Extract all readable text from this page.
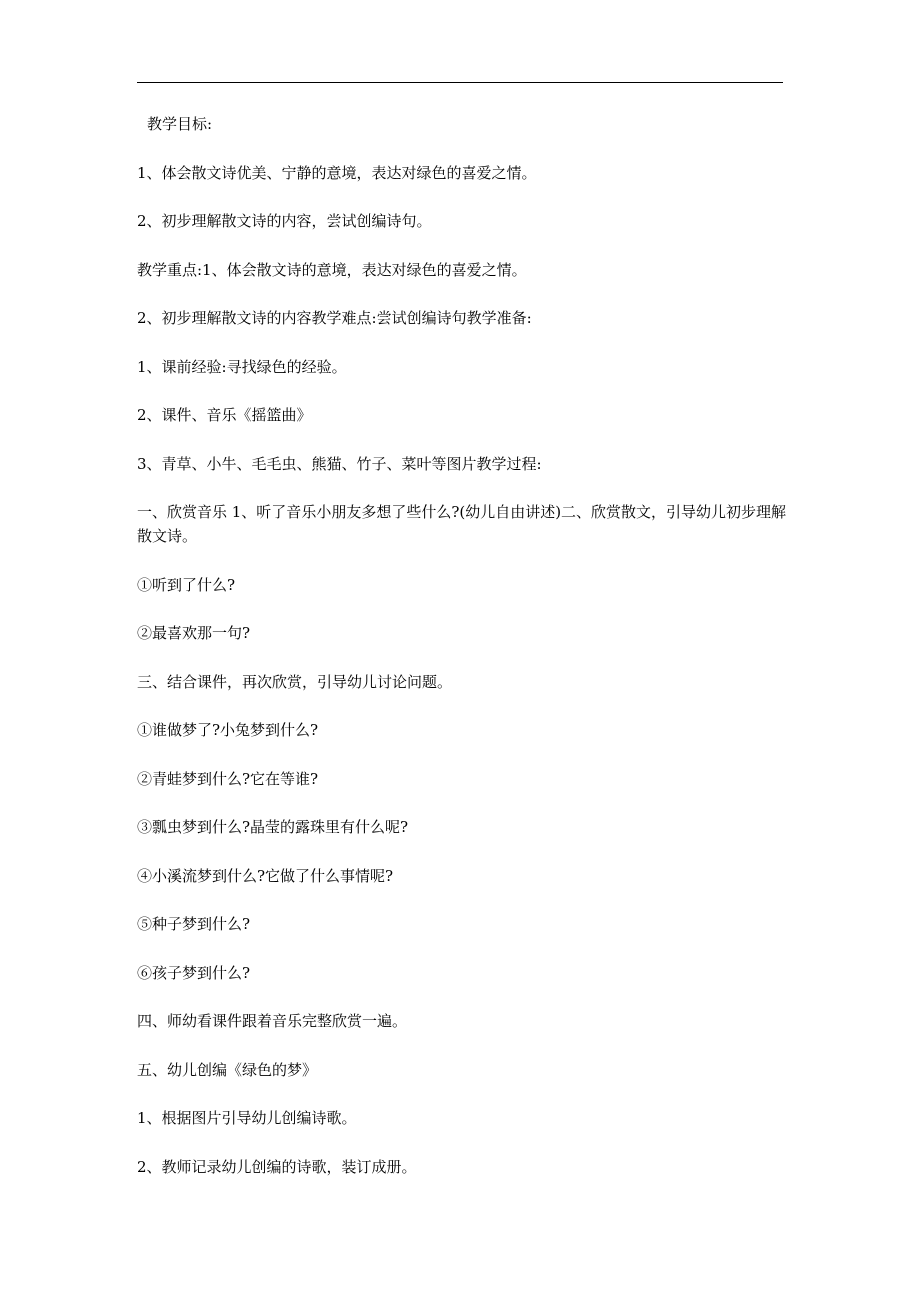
教学目标:

1、体会散文诗优美、宁静的意境，表达对绿色的喜爱之情。

2、初步理解散文诗的内容，尝试创编诗句。

教学重点:1、体会散文诗的意境，表达对绿色的喜爱之情。

2、初步理解散文诗的内容教学难点:尝试创编诗句教学准备:

1、课前经验:寻找绿色的经验。

2、课件、音乐《摇篮曲》

3、青草、小牛、毛毛虫、熊猫、竹子、菜叶等图片教学过程:

一、欣赏音乐 1、听了音乐小朋友多想了些什么?(幼儿自由讲述)二、欣赏散文，引导幼儿初步理解散文诗。

①听到了什么?

②最喜欢那一句?

三、结合课件，再次欣赏，引导幼儿讨论问题。

①谁做梦了?小兔梦到什么?

②青蛙梦到什么?它在等谁?

③瓢虫梦到什么?晶莹的露珠里有什么呢?

④小溪流梦到什么?它做了什么事情呢?

⑤种子梦到什么?

⑥孩子梦到什么?

四、师幼看课件跟着音乐完整欣赏一遍。

五、幼儿创编《绿色的梦》

1、根据图片引导幼儿创编诗歌。

2、教师记录幼儿创编的诗歌，装订成册。
